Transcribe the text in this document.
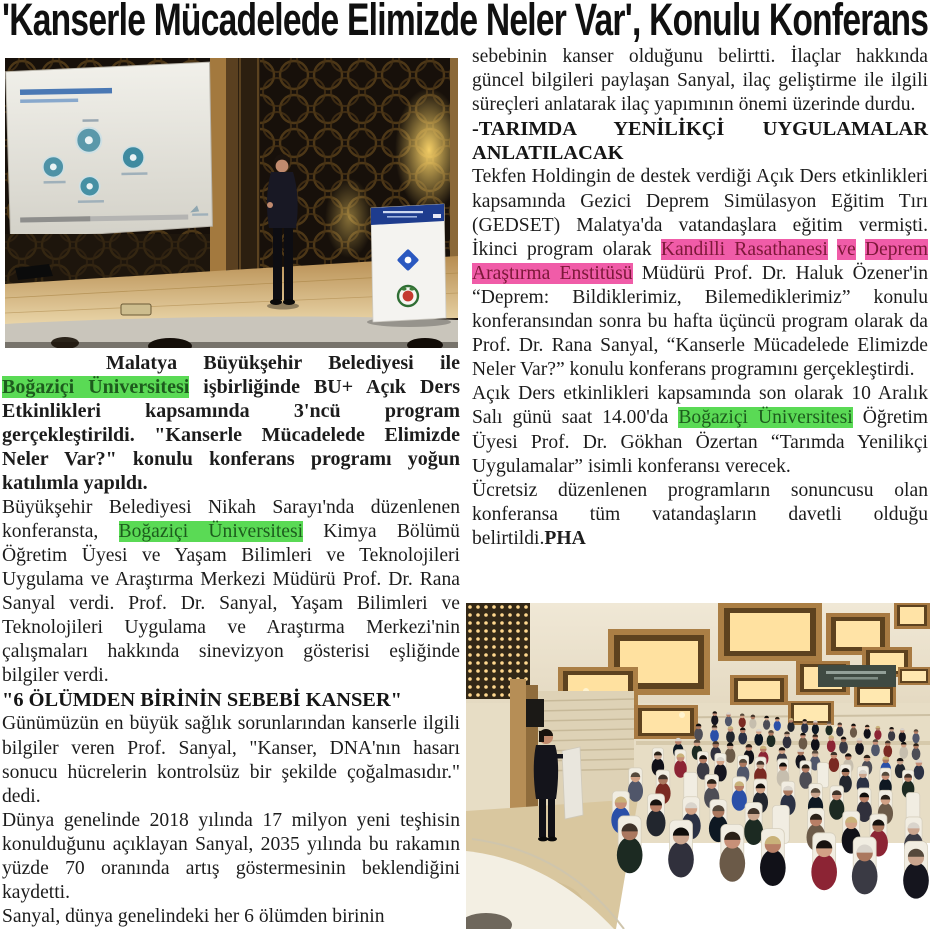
'Kanserle Mücadelede Elimizde Neler Var', Konulu Konferans

Malatya Büyükşehir Belediyesi ile Boğaziçi Üniversitesi işbirliğinde BU+ Açık Ders Etkinlikleri kapsamında 3'ncü program gerçekleştirildi. "Kanserle Mücadelede Elimizde Neler Var?" konulu konferans programı yoğun katılımla yapıldı.

Büyükşehir Belediyesi Nikah Sarayı'nda düzenlenen konferansta, Boğaziçi Üniversitesi Kimya Bölümü Öğretim Üyesi ve Yaşam Bilimleri ve Teknolojileri Uygulama ve Araştırma Merkezi Müdürü Prof. Dr. Rana Sanyal verdi. Prof. Dr. Sanyal, Yaşam Bilimleri ve Teknolojileri Uygulama ve Araştırma Merkezi'nin çalışmaları hakkında sinevizyon gösterisi eşliğinde bilgiler verdi.

"6 ÖLÜMDEN BİRİNİN SEBEBİ KANSER"

Günümüzün en büyük sağlık sorunlarından kanserle ilgili bilgiler veren Prof. Sanyal, "Kanser, DNA'nın hasarı sonucu hücrelerin kontrolsüz bir şekilde çoğalmasıdır." dedi.

Dünya genelinde 2018 yılında 17 milyon yeni teşhisin konulduğunu açıklayan Sanyal, 2035 yılında bu rakamın yüzde 70 oranında artış göstermesinin beklendiğini kaydetti.

Sanyal, dünya genelindeki her 6 ölümden birinin

sebebinin kanser olduğunu belirtti. İlaçlar hakkında güncel bilgileri paylaşan Sanyal, ilaç geliştirme ile ilgili süreçleri anlatarak ilaç yapımının önemi üzerinde durdu.

-TARIMDA YENİLİKÇİ UYGULAMALAR ANLATILACAK

Tekfen Holdingin de destek verdiği Açık Ders etkinlikleri kapsamında Gezici Deprem Simülasyon Eğitim Tırı (GEDSET) Malatya'da vatandaşlara eğitim vermişti. İkinci program olarak Kandilli Rasathanesi ve Deprem Araştırma Enstitüsü Müdürü Prof. Dr. Haluk Özener'in “Deprem: Bildiklerimiz, Bilemediklerimiz” konulu konferansından sonra bu hafta üçüncü program olarak da Prof. Dr. Rana Sanyal, “Kanserle Mücadelede Elimizde Neler Var?” konulu konferans programını gerçekleştirdi.

Açık Ders etkinlikleri kapsamında son olarak 10 Aralık Salı günü saat 14.00'da Boğaziçi Üniversitesi Öğretim Üyesi Prof. Dr. Gökhan Özertan “Tarımda Yenilikçi Uygulamalar” isimli konferansı verecek.

Ücretsiz düzenlenen programların sonuncusu olan konferansa tüm vatandaşların davetli olduğu belirtildi.PHA
